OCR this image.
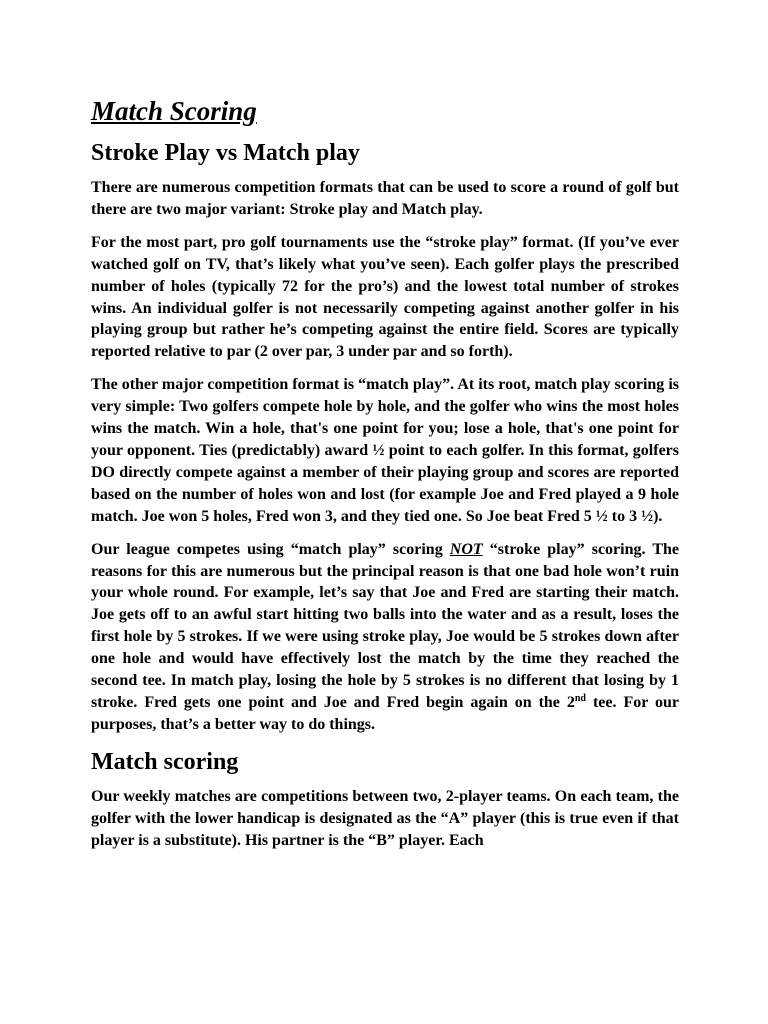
Match Scoring
Stroke Play vs Match play

There are numerous competition formats that can be used to score a round of golf but there are two major variant: Stroke play and Match play.

For the most part, pro golf tournaments use the “stroke play” format. (If you’ve ever watched golf on TV, that’s likely what you’ve seen). Each golfer plays the prescribed number of holes (typically 72 for the pro’s) and the lowest total number of strokes wins. An individual golfer is not necessarily competing against another golfer in his playing group but rather he’s competing against the entire field. Scores are typically reported relative to par (2 over par, 3 under par and so forth).

The other major competition format is “match play”. At its root, match play scoring is very simple: Two golfers compete hole by hole, and the golfer who wins the most holes wins the match. Win a hole, that's one point for you; lose a hole, that's one point for your opponent. Ties (predictably) award ½ point to each golfer. In this format, golfers DO directly compete against a member of their playing group and scores are reported based on the number of holes won and lost (for example Joe and Fred played a 9 hole match. Joe won 5 holes, Fred won 3, and they tied one. So Joe beat Fred 5 ½ to 3 ½).

Our league competes using “match play” scoring NOT “stroke play” scoring. The reasons for this are numerous but the principal reason is that one bad hole won’t ruin your whole round. For example, let’s say that Joe and Fred are starting their match. Joe gets off to an awful start hitting two balls into the water and as a result, loses the first hole by 5 strokes. If we were using stroke play, Joe would be 5 strokes down after one hole and would have effectively lost the match by the time they reached the second tee. In match play, losing the hole by 5 strokes is no different that losing by 1 stroke. Fred gets one point and Joe and Fred begin again on the 2nd tee. For our purposes, that’s a better way to do things.

Match scoring

Our weekly matches are competitions between two, 2-player teams. On each team, the golfer with the lower handicap is designated as the “A” player (this is true even if that player is a substitute). His partner is the “B” player. Each
